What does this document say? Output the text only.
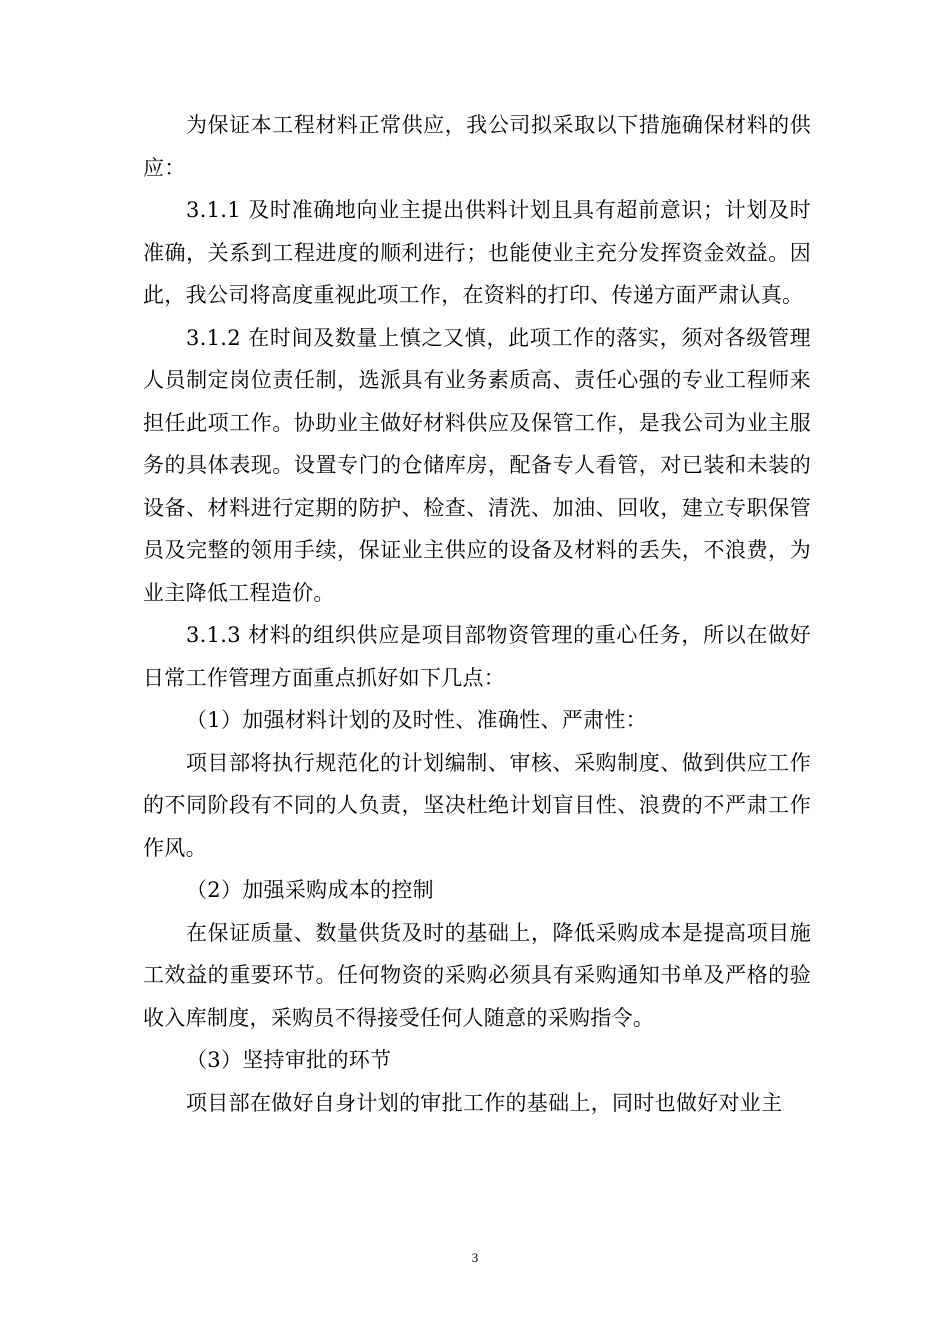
为保证本工程材料正常供应，我公司拟采取以下措施确保材料的供应：

3.1.1 及时准确地向业主提出供料计划且具有超前意识；计划及时准确，关系到工程进度的顺利进行；也能使业主充分发挥资金效益。因此，我公司将高度重视此项工作，在资料的打印、传递方面严肃认真。

3.1.2 在时间及数量上慎之又慎，此项工作的落实，须对各级管理人员制定岗位责任制，选派具有业务素质高、责任心强的专业工程师来担任此项工作。协助业主做好材料供应及保管工作，是我公司为业主服务的具体表现。设置专门的仓储库房，配备专人看管，对已装和未装的设备、材料进行定期的防护、检查、清洗、加油、回收，建立专职保管员及完整的领用手续，保证业主供应的设备及材料的丢失，不浪费，为业主降低工程造价。

3.1.3 材料的组织供应是项目部物资管理的重心任务，所以在做好日常工作管理方面重点抓好如下几点：

（1）加强材料计划的及时性、准确性、严肃性：

项目部将执行规范化的计划编制、审核、采购制度、做到供应工作的不同阶段有不同的人负责，坚决杜绝计划盲目性、浪费的不严肃工作作风。

（2）加强采购成本的控制

在保证质量、数量供货及时的基础上，降低采购成本是提高项目施工效益的重要环节。任何物资的采购必须具有采购通知书单及严格的验收入库制度，采购员不得接受任何人随意的采购指令。

（3）坚持审批的环节

项目部在做好自身计划的审批工作的基础上，同时也做好对业主

3
